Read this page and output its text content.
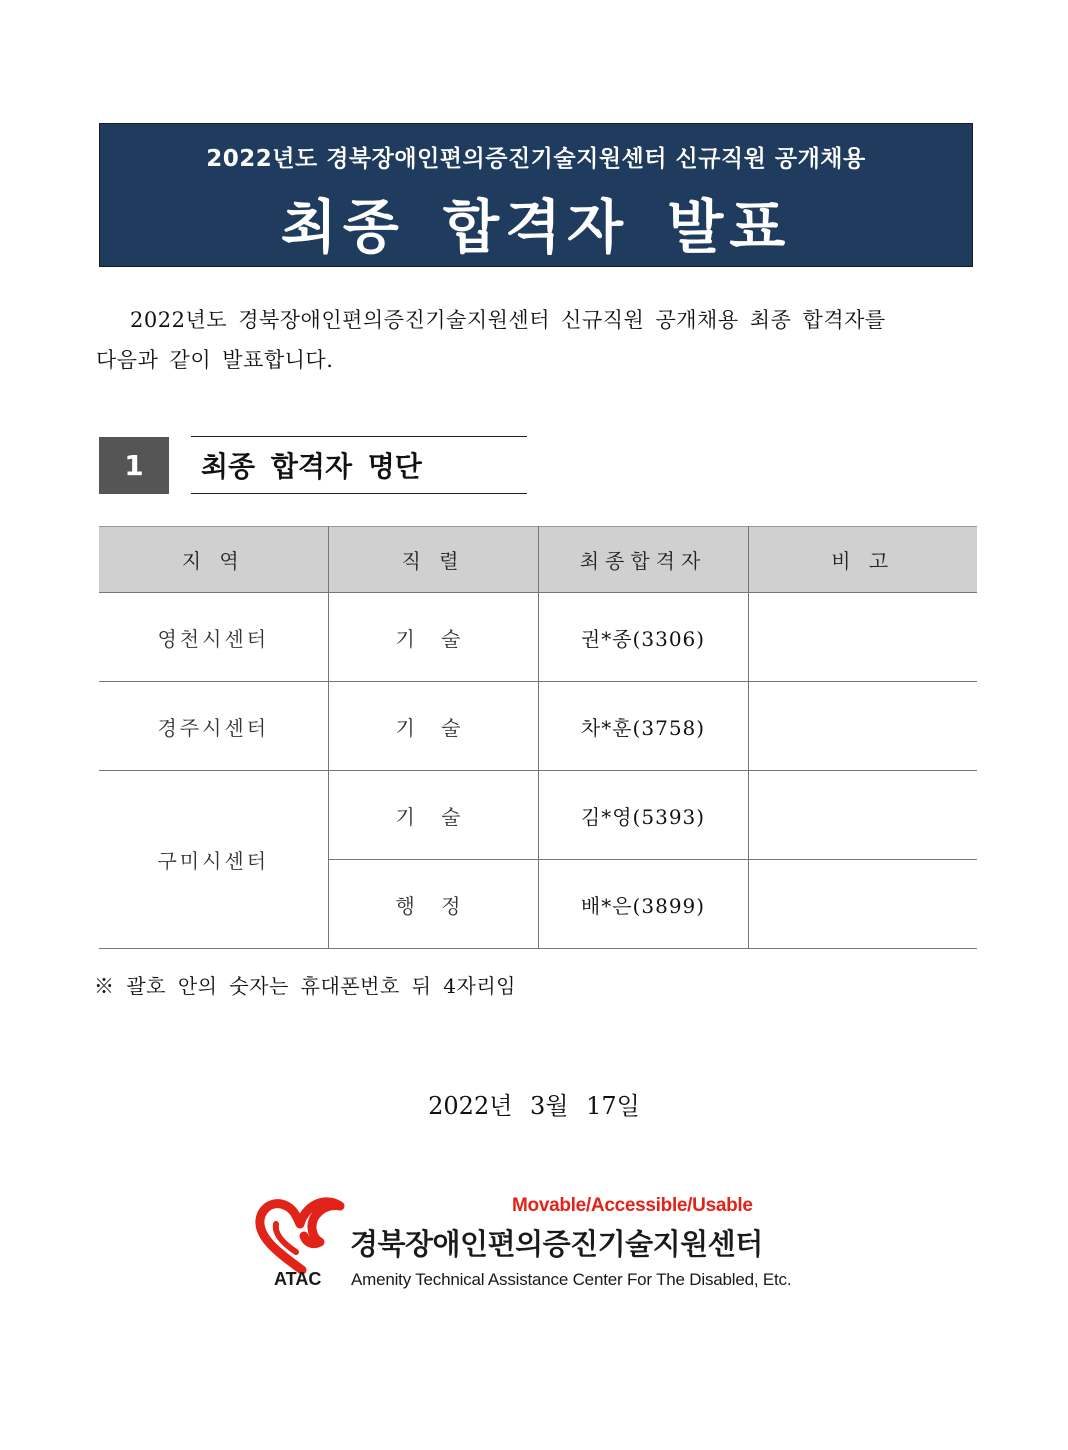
2022년도 경북장애인편의증진기술지원센터 신규직원 공개채용
최종 합격자 발표
2022년도 경북장애인편의증진기술지원센터 신규직원 공개채용 최종 합격자를
다음과 같이 발표합니다.
1	최종 합격자 명단
지 역	직 렬	최종합격자	비 고
영천시센터	기 술	권*종(3306)	
경주시센터	기 술	차*훈(3758)	
구미시센터	기 술	김*영(5393)	
	행 정	배*은(3899)	
※ 괄호 안의 숫자는 휴대폰번호 뒤 4자리임
2022년 3월 17일
Movable/Accessible/Usable
경북장애인편의증진기술지원센터
ATAC Amenity Technical Assistance Center For The Disabled, Etc.
